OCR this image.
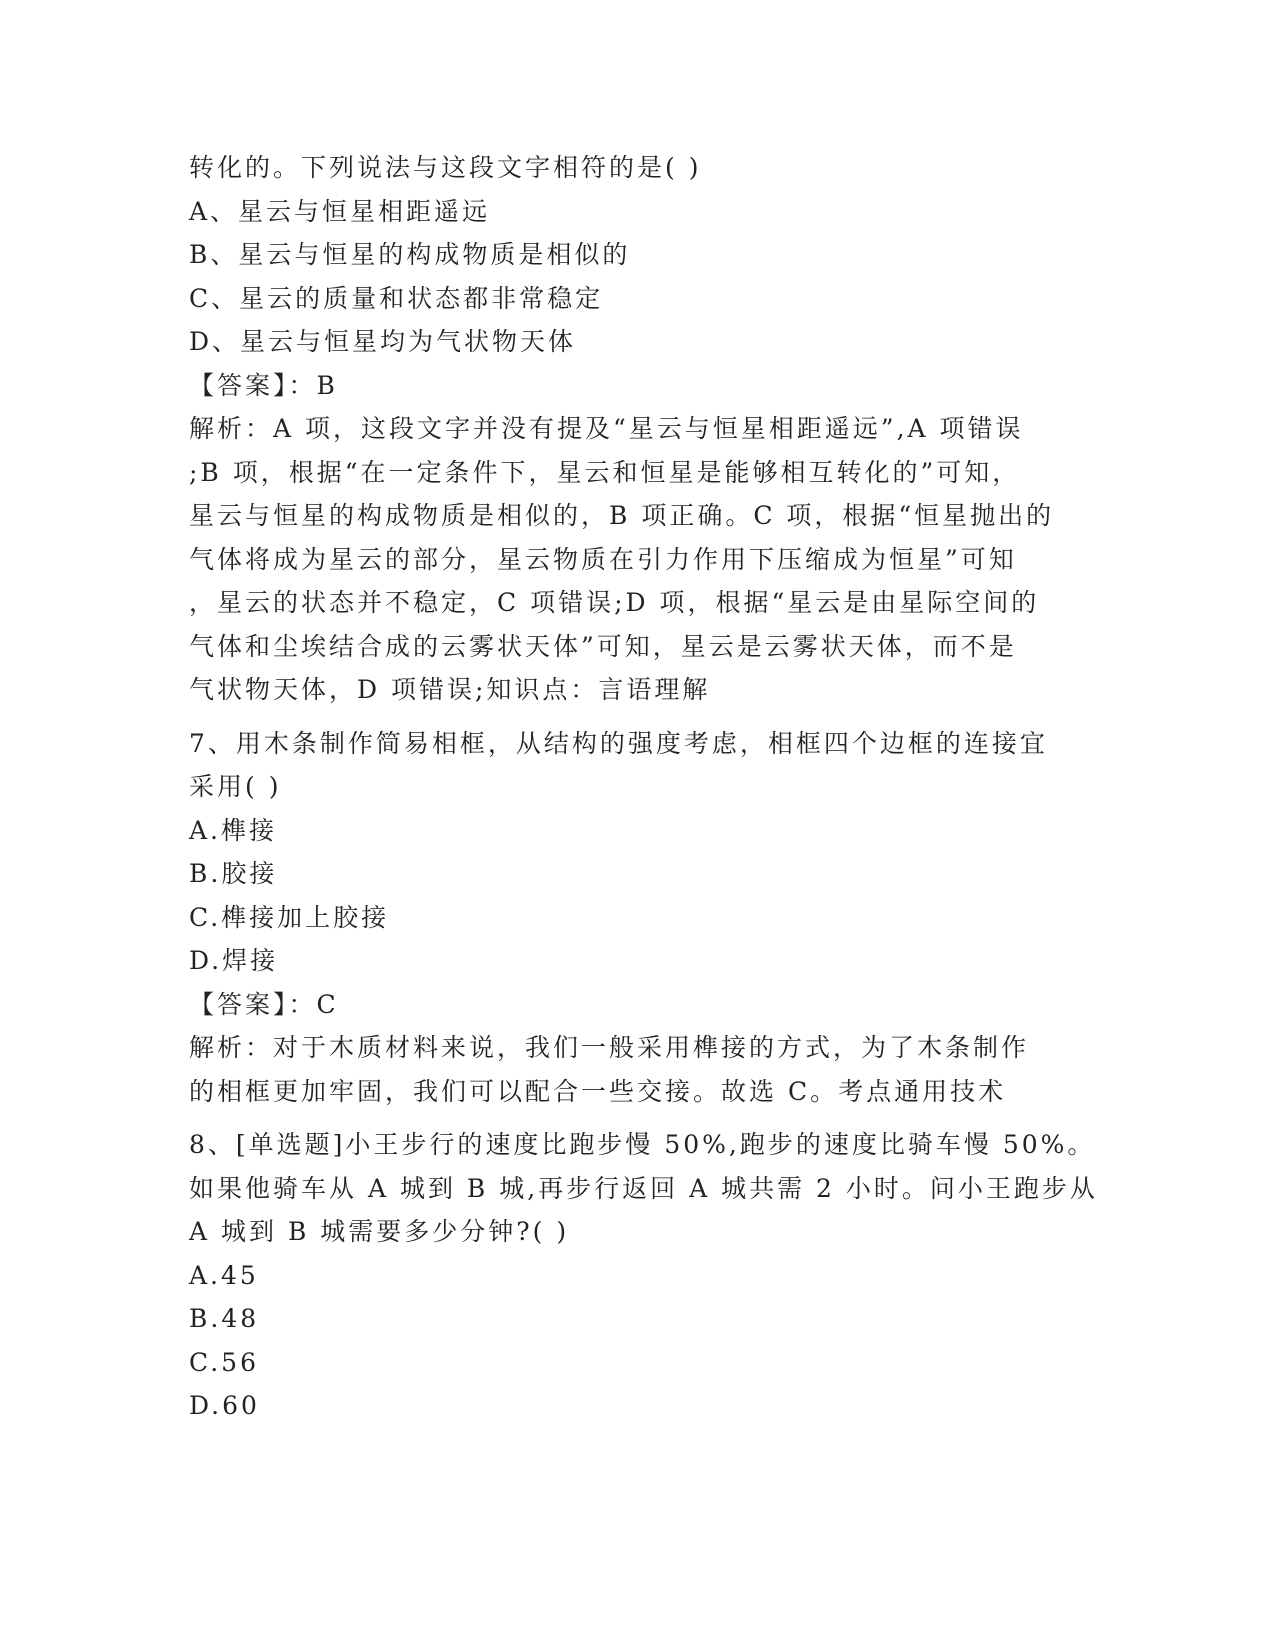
转化的。下列说法与这段文字相符的是( )
A、星云与恒星相距遥远
B、星云与恒星的构成物质是相似的
C、星云的质量和状态都非常稳定
D、星云与恒星均为气状物天体
【答案】：B
解析：A 项，这段文字并没有提及“星云与恒星相距遥远”,A 项错误
;B 项，根据“在一定条件下，星云和恒星是能够相互转化的”可知，
星云与恒星的构成物质是相似的，B 项正确。C 项，根据“恒星抛出的
气体将成为星云的部分，星云物质在引力作用下压缩成为恒星”可知
，星云的状态并不稳定，C 项错误;D 项，根据“星云是由星际空间的
气体和尘埃结合成的云雾状天体”可知，星云是云雾状天体，而不是
气状物天体，D 项错误;知识点：言语理解
7、用木条制作简易相框，从结构的强度考虑，相框四个边框的连接宜
采用( )
A.榫接
B.胶接
C.榫接加上胶接
D.焊接
【答案】：C
解析：对于木质材料来说，我们一般采用榫接的方式，为了木条制作
的相框更加牢固，我们可以配合一些交接。故选 C。考点通用技术
8、[单选题]小王步行的速度比跑步慢 50%,跑步的速度比骑车慢 50%。
如果他骑车从 A 城到 B 城,再步行返回 A 城共需 2 小时。问小王跑步从
A 城到 B 城需要多少分钟?( )
A.45
B.48
C.56
D.60
